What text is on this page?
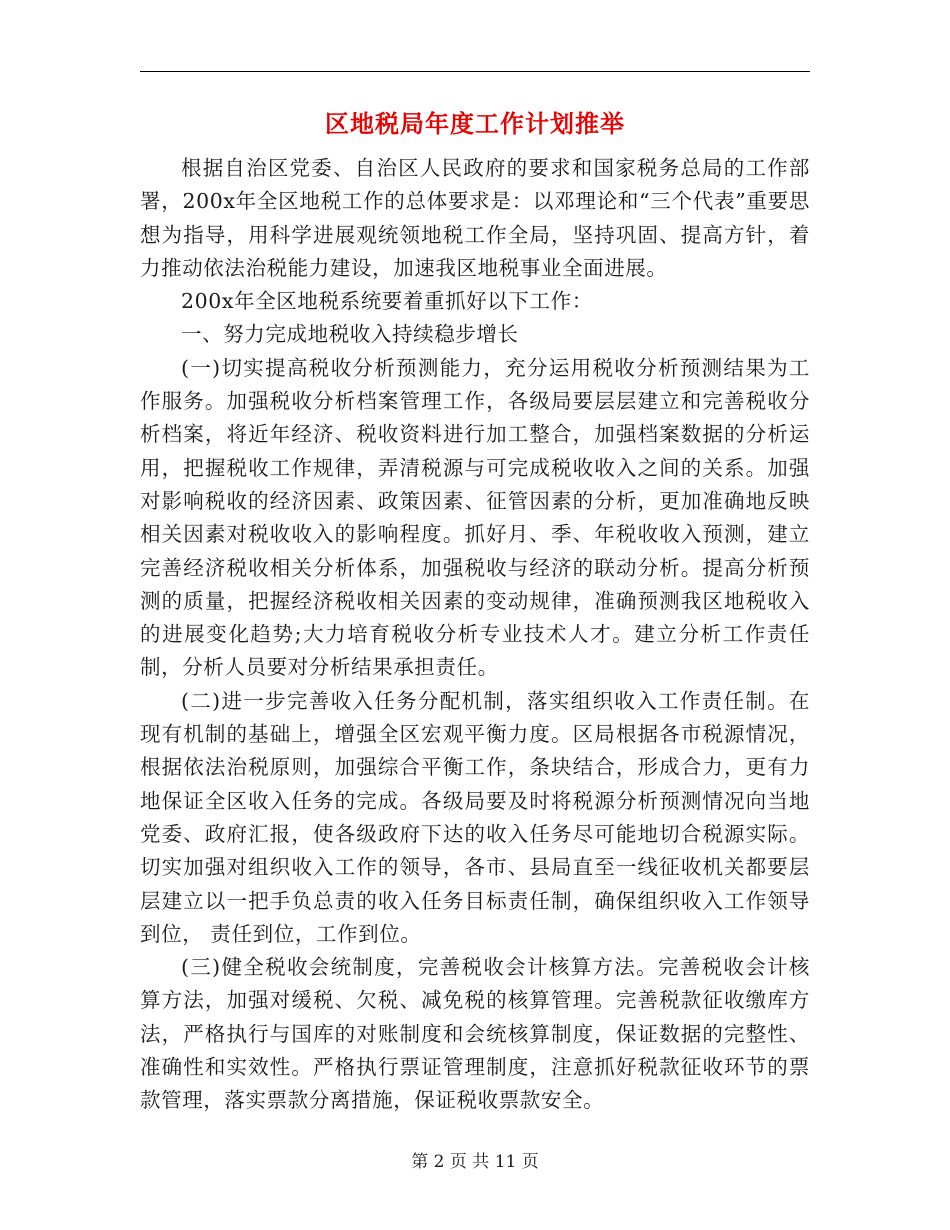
区地税局年度工作计划推举

根据自治区党委、自治区人民政府的要求和国家税务总局的工作部署，200x年全区地税工作的总体要求是：以邓理论和“三个代表”重要思想为指导，用科学进展观统领地税工作全局，坚持巩固、提高方针，着力推动依法治税能力建设，加速我区地税事业全面进展。

200x年全区地税系统要着重抓好以下工作：

一、努力完成地税收入持续稳步增长

(一)切实提高税收分析预测能力，充分运用税收分析预测结果为工作服务。加强税收分析档案管理工作，各级局要层层建立和完善税收分析档案，将近年经济、税收资料进行加工整合，加强档案数据的分析运用，把握税收工作规律，弄清税源与可完成税收收入之间的关系。加强对影响税收的经济因素、政策因素、征管因素的分析，更加准确地反映相关因素对税收收入的影响程度。抓好月、季、年税收收入预测，建立完善经济税收相关分析体系，加强税收与经济的联动分析。提高分析预测的质量，把握经济税收相关因素的变动规律，准确预测我区地税收入的进展变化趋势;大力培育税收分析专业技术人才。建立分析工作责任制，分析人员要对分析结果承担责任。

(二)进一步完善收入任务分配机制，落实组织收入工作责任制。在现有机制的基础上，增强全区宏观平衡力度。区局根据各市税源情况，根据依法治税原则，加强综合平衡工作，条块结合，形成合力，更有力地保证全区收入任务的完成。各级局要及时将税源分析预测情况向当地党委、政府汇报，使各级政府下达的收入任务尽可能地切合税源实际。切实加强对组织收入工作的领导，各市、县局直至一线征收机关都要层层建立以一把手负总责的收入任务目标责任制，确保组织收入工作领导到位， 责任到位，工作到位。

(三)健全税收会统制度，完善税收会计核算方法。完善税收会计核算方法，加强对缓税、欠税、减免税的核算管理。完善税款征收缴库方法，严格执行与国库的对账制度和会统核算制度，保证数据的完整性、准确性和实效性。严格执行票证管理制度，注意抓好税款征收环节的票款管理，落实票款分离措施，保证税收票款安全。

第 2 页 共 11 页
